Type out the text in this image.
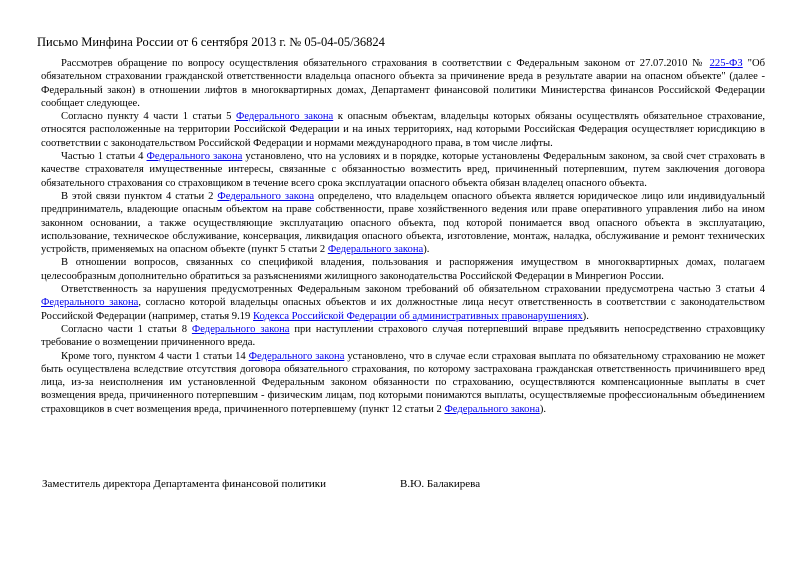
Письмо Минфина России от 6 сентября 2013 г. № 05-04-05/36824

Рассмотрев обращение по вопросу осуществления обязательного страхования в соответствии с Федеральным законом от 27.07.2010 № 225-ФЗ "Об обязательном страховании гражданской ответственности владельца опасного объекта за причинение вреда в результате аварии на опасном объекте" (далее - Федеральный закон) в отношении лифтов в многоквартирных домах, Департамент финансовой политики Министерства финансов Российской Федерации сообщает следующее.

Согласно пункту 4 части 1 статьи 5 Федерального закона к опасным объектам, владельцы которых обязаны осуществлять обязательное страхование, относятся расположенные на территории Российской Федерации и на иных территориях, над которыми Российская Федерация осуществляет юрисдикцию в соответствии с законодательством Российской Федерации и нормами международного права, в том числе лифты.

Частью 1 статьи 4 Федерального закона установлено, что на условиях и в порядке, которые установлены Федеральным законом, за свой счет страховать в качестве страхователя имущественные интересы, связанные с обязанностью возместить вред, причиненный потерпевшим, путем заключения договора обязательного страхования со страховщиком в течение всего срока эксплуатации опасного объекта обязан владелец опасного объекта.

В этой связи пунктом 4 статьи 2 Федерального закона определено, что владельцем опасного объекта является юридическое лицо или индивидуальный предприниматель, владеющие опасным объектом на праве собственности, праве хозяйственного ведения или праве оперативного управления либо на ином законном основании, а также осуществляющие эксплуатацию опасного объекта, под которой понимается ввод опасного объекта в эксплуатацию, использование, техническое обслуживание, консервация, ликвидация опасного объекта, изготовление, монтаж, наладка, обслуживание и ремонт технических устройств, применяемых на опасном объекте (пункт 5 статьи 2 Федерального закона).

В отношении вопросов, связанных со спецификой владения, пользования и распоряжения имуществом в многоквартирных домах, полагаем целесообразным дополнительно обратиться за разъяснениями жилищного законодательства Российской Федерации в Минрегион России.

Ответственность за нарушения предусмотренных Федеральным законом требований об обязательном страховании предусмотрена частью 3 статьи 4 Федерального закона, согласно которой владельцы опасных объектов и их должностные лица несут ответственность в соответствии с законодательством Российской Федерации (например, статья 9.19 Кодекса Российской Федерации об административных правонарушениях).

Согласно части 1 статьи 8 Федерального закона при наступлении страхового случая потерпевший вправе предъявить непосредственно страховщику требование о возмещении причиненного вреда.

Кроме того, пунктом 4 части 1 статьи 14 Федерального закона установлено, что в случае если страховая выплата по обязательному страхованию не может быть осуществлена вследствие отсутствия договора обязательного страхования, по которому застрахована гражданская ответственность причинившего вред лица, из-за неисполнения им установленной Федеральным законом обязанности по страхованию, осуществляются компенсационные выплаты в счет возмещения вреда, причиненного потерпевшим - физическим лицам, под которыми понимаются выплаты, осуществляемые профессиональным объединением страховщиков в счет возмещения вреда, причиненного потерпевшему (пункт 12 статьи 2 Федерального закона).

Заместитель директора Департамента финансовой политики	В.Ю. Балакирева
